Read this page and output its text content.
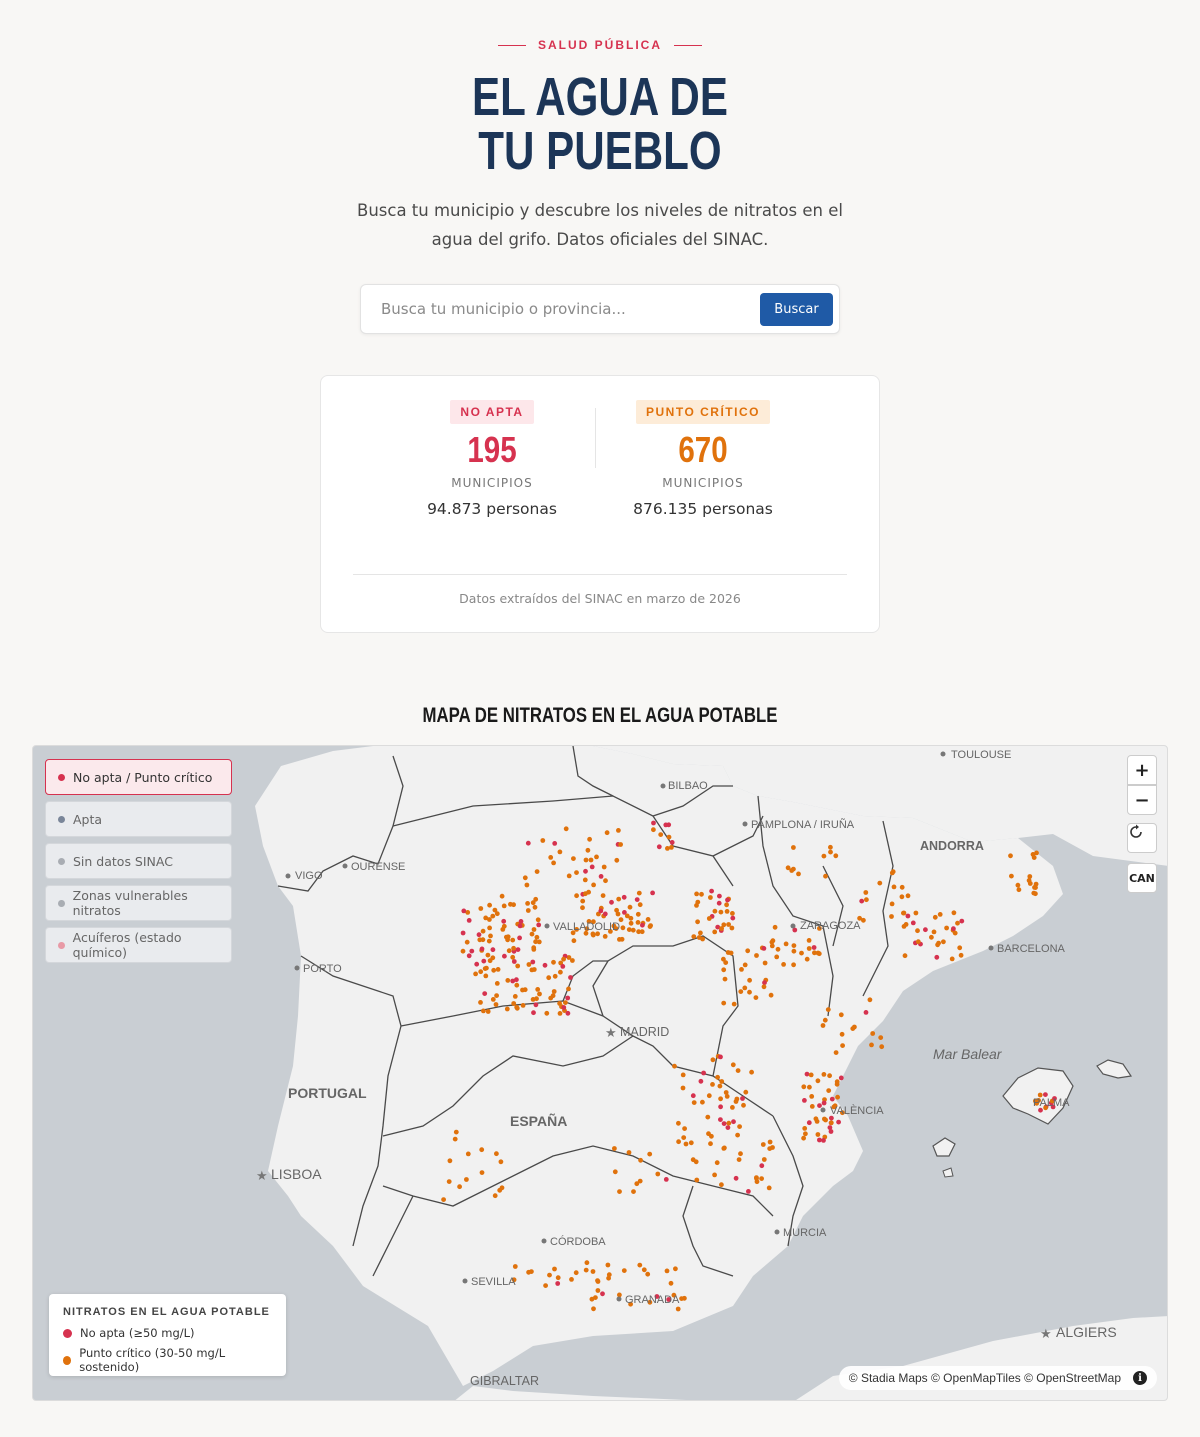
SALUD PÚBLICA
EL AGUA DE
TU PUEBLO

Busca tu municipio y descubre los niveles de nitratos en el agua del grifo. Datos oficiales del SINAC.

Busca tu municipio o provincia...
Buscar
NO APTA
195
MUNICIPIOS
94.873 personas
PUNTO CRÍTICO
670
MUNICIPIOS
876.135 personas
Datos extraídos del SINAC en marzo de 2026
MAPA DE NITRATOS EN EL AGUA POTABLE
TOULOUSE
BILBAO
PAMPLONA / IRUÑA
OURENSE
VIGO
ANDORRA
VALLADOLID	ZARAGOZA
BARCELONA
PORTO
MADRID
Mar Balear
PORTUGAL
ESPAÑA
VALÈNCIA
PALMA
LISBOA
MURCIA
CÓRDOBA
SEVILLA
GRANADA
ALGIERS
GIBRALTAR
★
★
★
No apta / Punto crítico
Apta
Sin datos SINAC
Zonas vulnerables nitratos
Acuíferos (estado químico)
+
−
CAN
NITRATOS EN EL AGUA POTABLE
No apta (≥50 mg/L)
Punto crítico (30-50 mg/L sostenido)
© Stadia Maps © OpenMapTiles © OpenStreetMap	i
